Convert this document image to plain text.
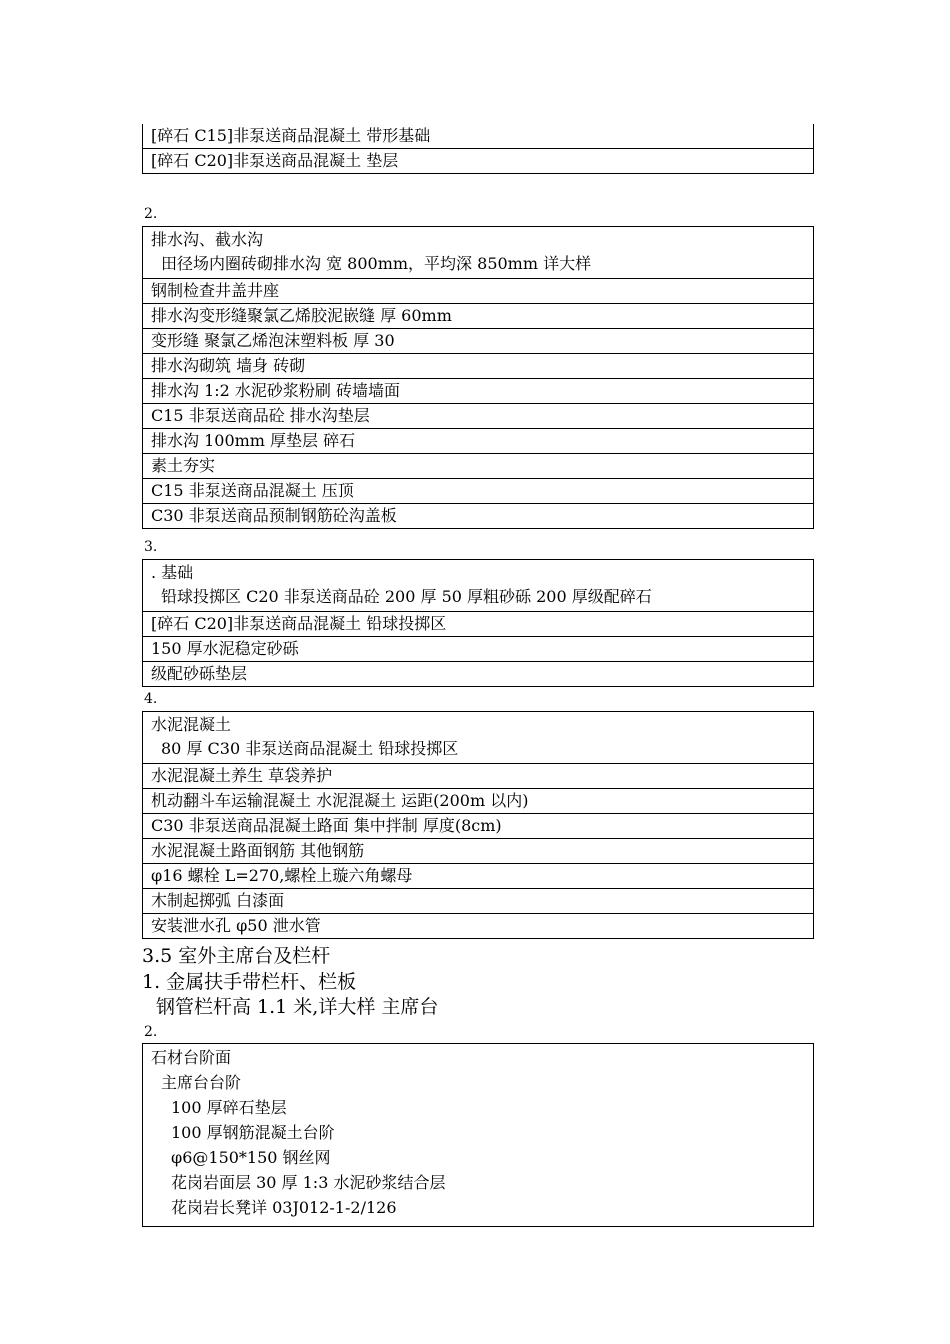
[碎石 C15]非泵送商品混凝土 带形基础
[碎石 C20]非泵送商品混凝土 垫层
2.
排水沟、截水沟
田径场内圈砖砌排水沟 宽 800mm，平均深 850mm 详大样

钢制检查井盖井座
排水沟变形缝聚氯乙烯胶泥嵌缝 厚 60mm
变形缝 聚氯乙烯泡沫塑料板 厚 30
排水沟砌筑 墙身 砖砌
排水沟 1:2 水泥砂浆粉刷 砖墙墙面
C15 非泵送商品砼 排水沟垫层
排水沟 100mm 厚垫层 碎石
素土夯实
C15 非泵送商品混凝土 压顶
C30 非泵送商品预制钢筋砼沟盖板
3.
. 基础
铅球投掷区 C20 非泵送商品砼 200 厚 50 厚粗砂砾 200 厚级配碎石

[碎石 C20]非泵送商品混凝土 铅球投掷区
150 厚水泥稳定砂砾
级配砂砾垫层
4.
水泥混凝土
80 厚 C30 非泵送商品混凝土 铅球投掷区

水泥混凝土养生 草袋养护
机动翻斗车运输混凝土 水泥混凝土 运距(200m 以内)
C30 非泵送商品混凝土路面 集中拌制 厚度(8cm)
水泥混凝土路面钢筋 其他钢筋
φ16 螺栓 L=270,螺栓上璇六角螺母
木制起掷弧 白漆面
安装泄水孔 φ50 泄水管
3.5 室外主席台及栏杆
1. 金属扶手带栏杆、栏板
钢管栏杆高 1.1 米,详大样 主席台
2.
石材台阶面
主席台台阶
100 厚碎石垫层
100 厚钢筋混凝土台阶
φ6@150*150 钢丝网
花岗岩面层 30 厚 1:3 水泥砂浆结合层
花岗岩长凳详 03J012-1-2/126
